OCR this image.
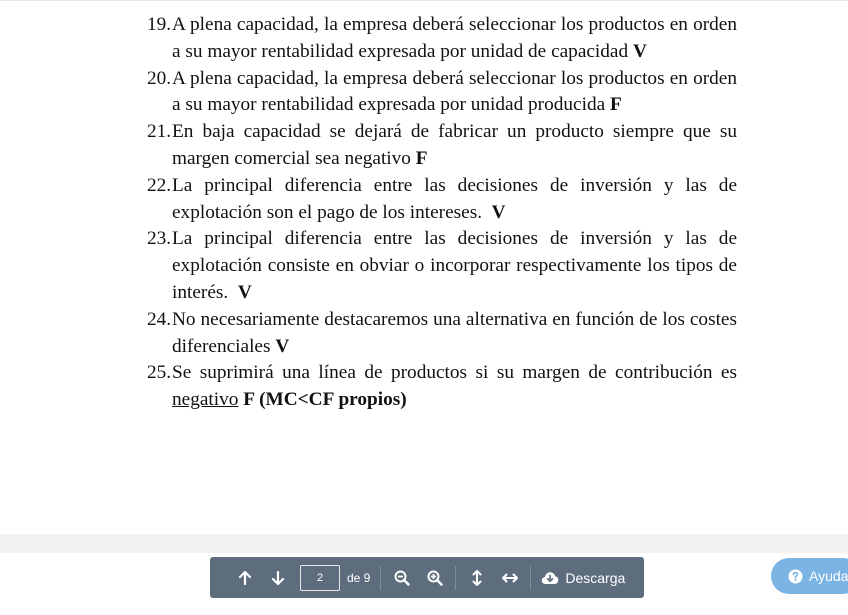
19. A plena capacidad, la empresa deberá seleccionar los productos en orden a su mayor rentabilidad expresada por unidad de capacidad V
20. A plena capacidad, la empresa deberá seleccionar los productos en orden a su mayor rentabilidad expresada por unidad producida F
21. En baja capacidad se dejará de fabricar un producto siempre que su margen comercial sea negativo F
22. La principal diferencia entre las decisiones de inversión y las de explotación son el pago de los intereses. V
23. La principal diferencia entre las decisiones de inversión y las de explotación consiste en obviar o incorporar respectivamente los tipos de interés. V
24. No necesariamente destacaremos una alternativa en función de los costes diferenciales V
25. Se suprimirá una línea de productos si su margen de contribución es negativo F (MC<CF propios)
2
de 9	Descarga	Ayuda
